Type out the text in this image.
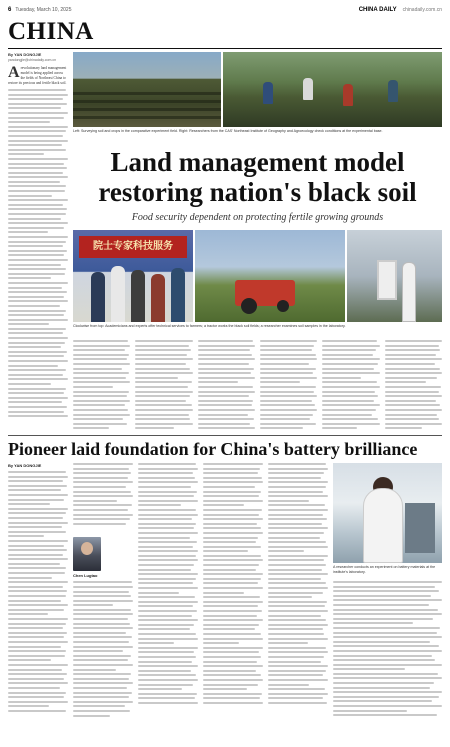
6 Tuesday, March 10, 2025	CHINA DAILY chinadaily.com.cn
CHINA
By YAN DONGJIE
yandongjie@chinadaily.com.cn
A revolutionary land management model is being applied across the fields of Northeast China to restore its precious and fertile black soil.
Left: Surveying soil and crops in the comparative experiment field. Right: Researchers from the CAS' Northeast Institute of Geography and Agroecology check conditions at the experimental base.
Land management model restoring nation's black soil
Food security dependent on protecting fertile growing grounds
院士专家科技服务
Clockwise from top: Academicians and experts offer technical services to farmers; a tractor works the black soil fields; a researcher examines soil samples in the laboratory.
Pioneer laid foundation for China's battery brilliance
By YAN DONGJIE
Chen Lugtao
A researcher conducts an experiment on battery materials at the institute's laboratory.
